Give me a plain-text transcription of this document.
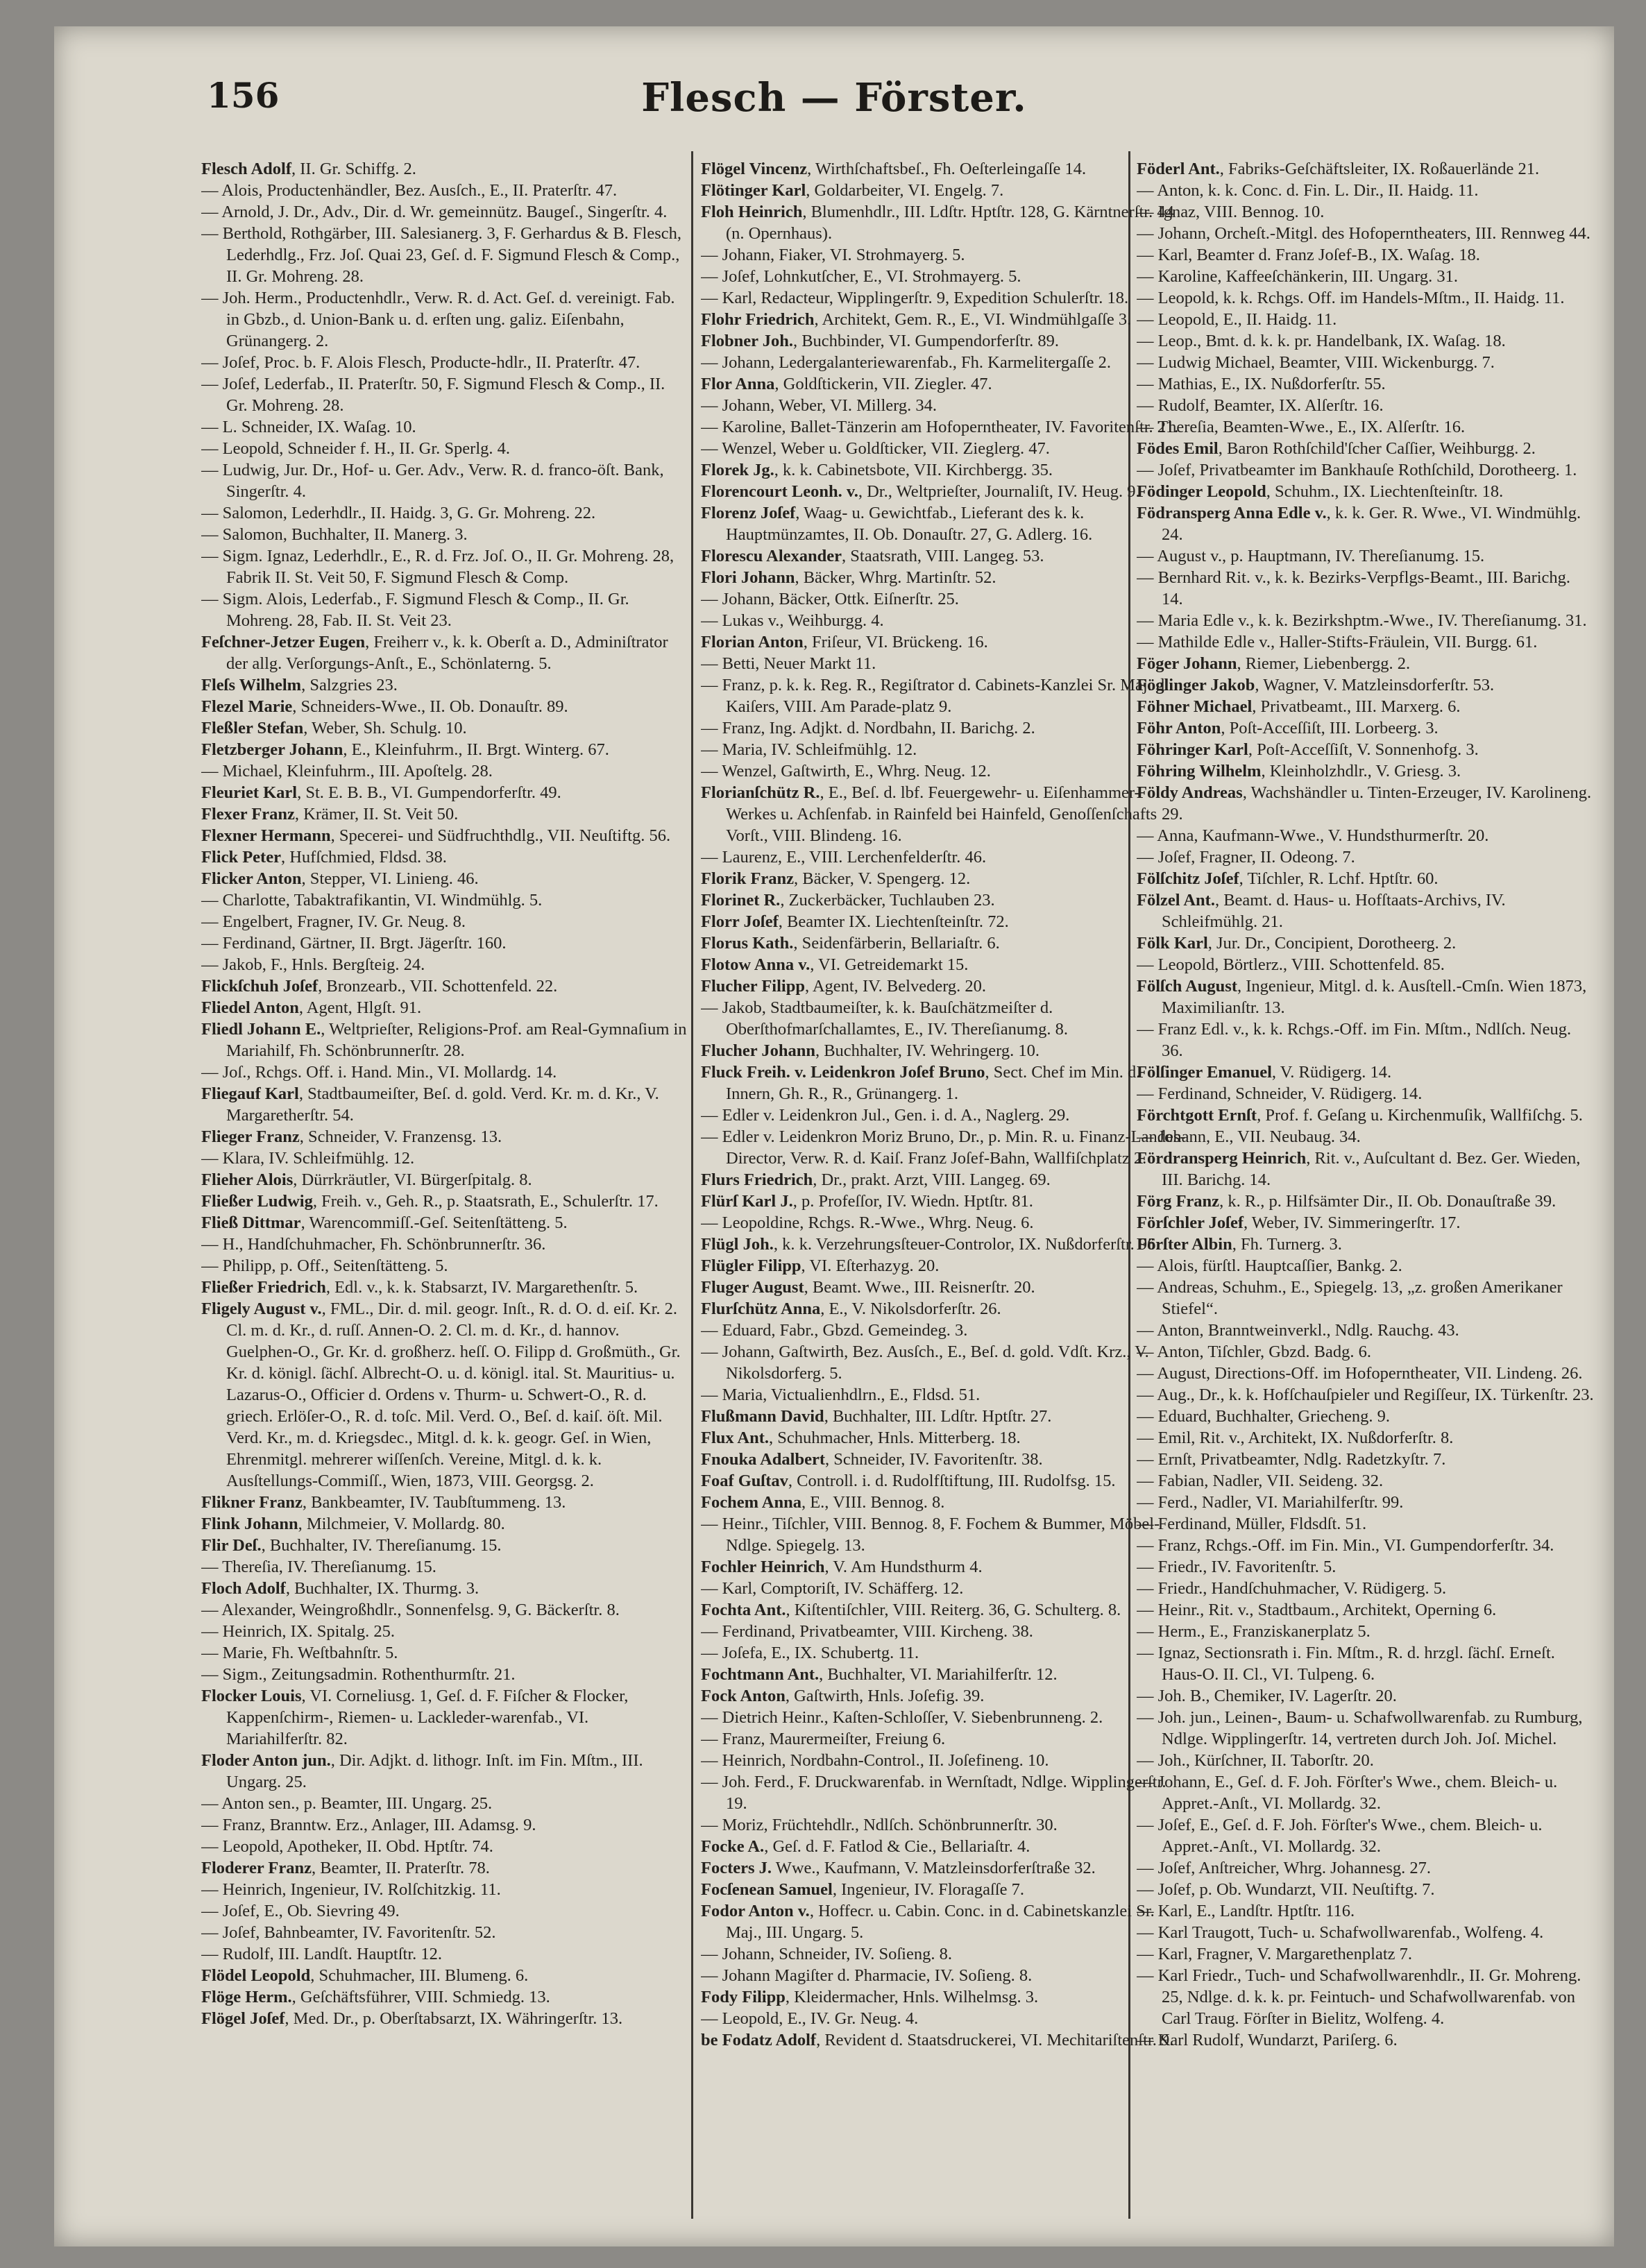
156	Flesch — Förster.

Flesch Adolf, II. Gr. Schiffg. 2.

— Alois, Productenhändler, Bez. Ausſch., E., II. Praterſtr. 47.

— Arnold, J. Dr., Adv., Dir. d. Wr. gemeinnütz. Baugeſ., Singerſtr. 4.

— Berthold, Rothgärber, III. Salesianerg. 3, F. Gerhardus & B. Flesch, Lederhdlg., Frz. Joſ. Quai 23, Geſ. d. F. Sigmund Flesch & Comp., II. Gr. Mohreng. 28.

— Joh. Herm., Productenhdlr., Verw. R. d. Act. Geſ. d. vereinigt. Fab. in Gbzb., d. Union-Bank u. d. erſten ung. galiz. Eiſenbahn, Grünangerg. 2.

— Joſef, Proc. b. F. Alois Flesch, Producte-hdlr., II. Praterſtr. 47.

— Joſef, Lederfab., II. Praterſtr. 50, F. Sigmund Flesch & Comp., II. Gr. Mohreng. 28.

— L. Schneider, IX. Waſag. 10.

— Leopold, Schneider f. H., II. Gr. Sperlg. 4.

— Ludwig, Jur. Dr., Hof- u. Ger. Adv., Verw. R. d. franco-öſt. Bank, Singerſtr. 4.

— Salomon, Lederhdlr., II. Haidg. 3, G. Gr. Mohreng. 22.

— Salomon, Buchhalter, II. Manerg. 3.

— Sigm. Ignaz, Lederhdlr., E., R. d. Frz. Joſ. O., II. Gr. Mohreng. 28, Fabrik II. St. Veit 50, F. Sigmund Flesch & Comp.

— Sigm. Alois, Lederfab., F. Sigmund Flesch & Comp., II. Gr. Mohreng. 28, Fab. II. St. Veit 23.

Feſchner-Jetzer Eugen, Freiherr v., k. k. Oberſt a. D., Adminiſtrator der allg. Verſorgungs-Anſt., E., Schönlaterng. 5.

Fleſs Wilhelm, Salzgries 23.

Flezel Marie, Schneiders-Wwe., II. Ob. Donauſtr. 89.

Fleßler Stefan, Weber, Sh. Schulg. 10.

Fletzberger Johann, E., Kleinfuhrm., II. Brgt. Winterg. 67.

— Michael, Kleinfuhrm., III. Apoſtelg. 28.

Fleuriet Karl, St. E. B. B., VI. Gumpendorferſtr. 49.

Flexer Franz, Krämer, II. St. Veit 50.

Flexner Hermann, Specerei- und Südfruchthdlg., VII. Neuſtiftg. 56.

Flick Peter, Hufſchmied, Fldsd. 38.

Flicker Anton, Stepper, VI. Linieng. 46.

— Charlotte, Tabaktrafikantin, VI. Windmühlg. 5.

— Engelbert, Fragner, IV. Gr. Neug. 8.

— Ferdinand, Gärtner, II. Brgt. Jägerſtr. 160.

— Jakob, F., Hnls. Bergſteig. 24.

Flickſchuh Joſef, Bronzearb., VII. Schottenfeld. 22.

Fliedel Anton, Agent, Hlgſt. 91.

Fliedl Johann E., Weltprieſter, Religions-Prof. am Real-Gymnaſium in Mariahilf, Fh. Schönbrunnerſtr. 28.

— Joſ., Rchgs. Off. i. Hand. Min., VI. Mollardg. 14.

Fliegauf Karl, Stadtbaumeiſter, Beſ. d. gold. Verd. Kr. m. d. Kr., V. Margaretherſtr. 54.

Flieger Franz, Schneider, V. Franzensg. 13.

— Klara, IV. Schleifmühlg. 12.

Flieher Alois, Dürrkräutler, VI. Bürgerſpitalg. 8.

Fließer Ludwig, Freih. v., Geh. R., p. Staatsrath, E., Schulerſtr. 17.

Fließ Dittmar, Warencommiſſ.-Geſ. Seitenſtätteng. 5.

— H., Handſchuhmacher, Fh. Schönbrunnerſtr. 36.

— Philipp, p. Off., Seitenſtätteng. 5.

Fließer Friedrich, Edl. v., k. k. Stabsarzt, IV. Margarethenſtr. 5.

Fligely August v., FML., Dir. d. mil. geogr. Inſt., R. d. O. d. eiſ. Kr. 2. Cl. m. d. Kr., d. ruſſ. Annen-O. 2. Cl. m. d. Kr., d. hannov. Guelphen-O., Gr. Kr. d. großherz. heſſ. O. Filipp d. Großmüth., Gr. Kr. d. königl. ſächſ. Albrecht-O. u. d. königl. ital. St. Mauritius- u. Lazarus-O., Officier d. Ordens v. Thurm- u. Schwert-O., R. d. griech. Erlöſer-O., R. d. toſc. Mil. Verd. O., Beſ. d. kaiſ. öſt. Mil. Verd. Kr., m. d. Kriegsdec., Mitgl. d. k. k. geogr. Geſ. in Wien, Ehrenmitgl. mehrerer wiſſenſch. Vereine, Mitgl. d. k. k. Ausſtellungs-Commiſſ., Wien, 1873, VIII. Georgsg. 2.

Flikner Franz, Bankbeamter, IV. Taubſtummeng. 13.

Flink Johann, Milchmeier, V. Mollardg. 80.

Flir Deſ., Buchhalter, IV. Thereſianumg. 15.

— Thereſia, IV. Thereſianumg. 15.

Floch Adolf, Buchhalter, IX. Thurmg. 3.

— Alexander, Weingroßhdlr., Sonnenfelsg. 9, G. Bäckerſtr. 8.

— Heinrich, IX. Spitalg. 25.

— Marie, Fh. Weſtbahnſtr. 5.

— Sigm., Zeitungsadmin. Rothenthurmſtr. 21.

Flocker Louis, VI. Corneliusg. 1, Geſ. d. F. Fiſcher & Flocker, Kappenſchirm-, Riemen- u. Lackleder-warenfab., VI. Mariahilferſtr. 82.

Floder Anton jun., Dir. Adjkt. d. lithogr. Inſt. im Fin. Mſtm., III. Ungarg. 25.

— Anton sen., p. Beamter, III. Ungarg. 25.

— Franz, Branntw. Erz., Anlager, III. Adamsg. 9.

— Leopold, Apotheker, II. Obd. Hptſtr. 74.

Floderer Franz, Beamter, II. Praterſtr. 78.

— Heinrich, Ingenieur, IV. Rolſchitzkig. 11.

— Joſef, E., Ob. Sievring 49.

— Joſef, Bahnbeamter, IV. Favoritenſtr. 52.

— Rudolf, III. Landſt. Hauptſtr. 12.

Flödel Leopold, Schuhmacher, III. Blumeng. 6.

Flöge Herm., Geſchäftsführer, VIII. Schmiedg. 13.

Flögel Joſef, Med. Dr., p. Oberſtabsarzt, IX. Währingerſtr. 13.

Flögel Vincenz, Wirthſchaftsbeſ., Fh. Oeſterleingaſſe 14.

Flötinger Karl, Goldarbeiter, VI. Engelg. 7.

Floh Heinrich, Blumenhdlr., III. Ldſtr. Hptſtr. 128, G. Kärntnerſtr. 44 (n. Opernhaus).

— Johann, Fiaker, VI. Strohmayerg. 5.

— Joſef, Lohnkutſcher, E., VI. Strohmayerg. 5.

— Karl, Redacteur, Wipplingerſtr. 9, Expedition Schulerſtr. 18.

Flohr Friedrich, Architekt, Gem. R., E., VI. Windmühlgaſſe 3.

Flobner Joh., Buchbinder, VI. Gumpendorferſtr. 89.

— Johann, Ledergalanteriewarenfab., Fh. Karmelitergaſſe 2.

Flor Anna, Goldſtickerin, VII. Ziegler. 47.

— Johann, Weber, VI. Millerg. 34.

— Karoline, Ballet-Tänzerin am Hofoperntheater, IV. Favoritenſtr. 21.

— Wenzel, Weber u. Goldſticker, VII. Zieglerg. 47.

Florek Jg., k. k. Cabinetsbote, VII. Kirchbergg. 35.

Florencourt Leonh. v., Dr., Weltprieſter, Journaliſt, IV. Heug. 9.

Florenz Joſef, Waag- u. Gewichtfab., Lieferant des k. k. Hauptmünzamtes, II. Ob. Donauſtr. 27, G. Adlerg. 16.

Florescu Alexander, Staatsrath, VIII. Langeg. 53.

Flori Johann, Bäcker, Whrg. Martinſtr. 52.

— Johann, Bäcker, Ottk. Eiſnerſtr. 25.

— Lukas v., Weihburgg. 4.

Florian Anton, Friſeur, VI. Brückeng. 16.

— Betti, Neuer Markt 11.

— Franz, p. k. k. Reg. R., Regiſtrator d. Cabinets-Kanzlei Sr. Maj. d. Kaiſers, VIII. Am Parade-platz 9.

— Franz, Ing. Adjkt. d. Nordbahn, II. Barichg. 2.

— Maria, IV. Schleifmühlg. 12.

— Wenzel, Gaſtwirth, E., Whrg. Neug. 12.

Florianſchütz R., E., Beſ. d. lbf. Feuergewehr- u. Eiſenhammer-Werkes u. Achſenfab. in Rainfeld bei Hainfeld, Genoſſenſchafts Vorſt., VIII. Blindeng. 16.

— Laurenz, E., VIII. Lerchenfelderſtr. 46.

Florik Franz, Bäcker, V. Spengerg. 12.

Florinet R., Zuckerbäcker, Tuchlauben 23.

Florr Joſef, Beamter IX. Liechtenſteinſtr. 72.

Florus Kath., Seidenfärberin, Bellariaſtr. 6.

Flotow Anna v., VI. Getreidemarkt 15.

Flucher Filipp, Agent, IV. Belvederg. 20.

— Jakob, Stadtbaumeiſter, k. k. Bauſchätzmeiſter d. Oberſthofmarſchallamtes, E., IV. Thereſianumg. 8.

Flucher Johann, Buchhalter, IV. Wehringerg. 10.

Fluck Freih. v. Leidenkron Joſef Bruno, Sect. Chef im Min. d. Innern, Gh. R., R., Grünangerg. 1.

— Edler v. Leidenkron Jul., Gen. i. d. A., Naglerg. 29.

— Edler v. Leidenkron Moriz Bruno, Dr., p. Min. R. u. Finanz-Landes-Director, Verw. R. d. Kaiſ. Franz Joſef-Bahn, Wallfiſchplatz 2.

Flurs Friedrich, Dr., prakt. Arzt, VIII. Langeg. 69.

Flürſ Karl J., p. Profeſſor, IV. Wiedn. Hptſtr. 81.

— Leopoldine, Rchgs. R.-Wwe., Whrg. Neug. 6.

Flügl Joh., k. k. Verzehrungsſteuer-Controlor, IX. Nußdorferſtr. 96.

Flügler Filipp, VI. Eſterhazyg. 20.

Fluger August, Beamt. Wwe., III. Reisnerſtr. 20.

Flurſchütz Anna, E., V. Nikolsdorferſtr. 26.

— Eduard, Fabr., Gbzd. Gemeindeg. 3.

— Johann, Gaſtwirth, Bez. Ausſch., E., Beſ. d. gold. Vdſt. Krz., V. Nikolsdorferg. 5.

— Maria, Victualienhdlrn., E., Fldsd. 51.

Flußmann David, Buchhalter, III. Ldſtr. Hptſtr. 27.

Flux Ant., Schuhmacher, Hnls. Mitterberg. 18.

Fnouka Adalbert, Schneider, IV. Favoritenſtr. 38.

Foaf Guſtav, Controll. i. d. Rudolfſtiftung, III. Rudolfsg. 15.

Fochem Anna, E., VIII. Bennog. 8.

— Heinr., Tiſchler, VIII. Bennog. 8, F. Fochem & Bummer, Möbel-Ndlge. Spiegelg. 13.

Fochler Heinrich, V. Am Hundsthurm 4.

— Karl, Comptoriſt, IV. Schäfferg. 12.

Fochta Ant., Kiſtentiſchler, VIII. Reiterg. 36, G. Schulterg. 8.

— Ferdinand, Privatbeamter, VIII. Kircheng. 38.

— Joſefa, E., IX. Schubertg. 11.

Fochtmann Ant., Buchhalter, VI. Mariahilferſtr. 12.

Fock Anton, Gaſtwirth, Hnls. Joſefig. 39.

— Dietrich Heinr., Kaſten-Schloſſer, V. Siebenbrunneng. 2.

— Franz, Maurermeiſter, Freiung 6.

— Heinrich, Nordbahn-Control., II. Joſefineng. 10.

— Joh. Ferd., F. Druckwarenfab. in Wernſtadt, Ndlge. Wipplingerſtr. 19.

— Moriz, Früchtehdlr., Ndlſch. Schönbrunnerſtr. 30.

Focke A., Geſ. d. F. Fatlod & Cie., Bellariaſtr. 4.

Focters J. Wwe., Kaufmann, V. Matzleinsdorferſtraße 32.

Focſenean Samuel, Ingenieur, IV. Floragaſſe 7.

Fodor Anton v., Hoffecr. u. Cabin. Conc. in d. Cabinetskanzlei Sr. Maj., III. Ungarg. 5.

— Johann, Schneider, IV. Soſieng. 8.

— Johann Magiſter d. Pharmacie, IV. Soſieng. 8.

Fody Filipp, Kleidermacher, Hnls. Wilhelmsg. 3.

— Leopold, E., IV. Gr. Neug. 4.

be Fodatz Adolf, Revident d. Staatsdruckerei, VI. Mechitariſtenſtr. 9.

Föderl Ant., Fabriks-Geſchäftsleiter, IX. Roßauerlände 21.

— Anton, k. k. Conc. d. Fin. L. Dir., II. Haidg. 11.

— Ignaz, VIII. Bennog. 10.

— Johann, Orcheſt.-Mitgl. des Hofoperntheaters, III. Rennweg 44.

— Karl, Beamter d. Franz Joſef-B., IX. Waſag. 18.

— Karoline, Kaffeeſchänkerin, III. Ungarg. 31.

— Leopold, k. k. Rchgs. Off. im Handels-Mſtm., II. Haidg. 11.

— Leopold, E., II. Haidg. 11.

— Leop., Bmt. d. k. k. pr. Handelbank, IX. Waſag. 18.

— Ludwig Michael, Beamter, VIII. Wickenburgg. 7.

— Mathias, E., IX. Nußdorferſtr. 55.

— Rudolf, Beamter, IX. Alſerſtr. 16.

— Thereſia, Beamten-Wwe., E., IX. Alſerſtr. 16.

Födes Emil, Baron Rothſchild'ſcher Caſſier, Weihburgg. 2.

— Joſef, Privatbeamter im Bankhauſe Rothſchild, Dorotheerg. 1.

Födinger Leopold, Schuhm., IX. Liechtenſteinſtr. 18.

Födransperg Anna Edle v., k. k. Ger. R. Wwe., VI. Windmühlg. 24.

— August v., p. Hauptmann, IV. Thereſianumg. 15.

— Bernhard Rit. v., k. k. Bezirks-Verpflgs-Beamt., III. Barichg. 14.

— Maria Edle v., k. k. Bezirkshptm.-Wwe., IV. Thereſianumg. 31.

— Mathilde Edle v., Haller-Stifts-Fräulein, VII. Burgg. 61.

Föger Johann, Riemer, Liebenbergg. 2.

Föglinger Jakob, Wagner, V. Matzleinsdorferſtr. 53.

Föhner Michael, Privatbeamt., III. Marxerg. 6.

Föhr Anton, Poſt-Acceſſiſt, III. Lorbeerg. 3.

Föhringer Karl, Poſt-Acceſſiſt, V. Sonnenhofg. 3.

Föhring Wilhelm, Kleinholzhdlr., V. Griesg. 3.

Földy Andreas, Wachshändler u. Tinten-Erzeuger, IV. Karolineng. 29.

— Anna, Kaufmann-Wwe., V. Hundsthurmerſtr. 20.

— Joſef, Fragner, II. Odeong. 7.

Fölſchitz Joſef, Tiſchler, R. Lchf. Hptſtr. 60.

Fölzel Ant., Beamt. d. Haus- u. Hofſtaats-Archivs, IV. Schleifmühlg. 21.

Fölk Karl, Jur. Dr., Concipient, Dorotheerg. 2.

— Leopold, Börtlerz., VIII. Schottenfeld. 85.

Fölſch August, Ingenieur, Mitgl. d. k. Ausſtell.-Cmſn. Wien 1873, Maximilianſtr. 13.

— Franz Edl. v., k. k. Rchgs.-Off. im Fin. Mſtm., Ndlſch. Neug. 36.

Fölſinger Emanuel, V. Rüdigerg. 14.

— Ferdinand, Schneider, V. Rüdigerg. 14.

Förchtgott Ernſt, Prof. f. Geſang u. Kirchenmuſik, Wallfiſchg. 5.

— Johann, E., VII. Neubaug. 34.

Fördransperg Heinrich, Rit. v., Auſcultant d. Bez. Ger. Wieden, III. Barichg. 14.

Förg Franz, k. R., p. Hilfsämter Dir., II. Ob. Donauſtraße 39.

Förſchler Joſef, Weber, IV. Simmeringerſtr. 17.

Förſter Albin, Fh. Turnerg. 3.

— Alois, fürſtl. Hauptcaſſier, Bankg. 2.

— Andreas, Schuhm., E., Spiegelg. 13, „z. großen Amerikaner Stiefel“.

— Anton, Branntweinverkl., Ndlg. Rauchg. 43.

— Anton, Tiſchler, Gbzd. Badg. 6.

— August, Directions-Off. im Hofoperntheater, VII. Lindeng. 26.

— Aug., Dr., k. k. Hofſchauſpieler und Regiſſeur, IX. Türkenſtr. 23.

— Eduard, Buchhalter, Griecheng. 9.

— Emil, Rit. v., Architekt, IX. Nußdorferſtr. 8.

— Ernſt, Privatbeamter, Ndlg. Radetzkyſtr. 7.

— Fabian, Nadler, VII. Seideng. 32.

— Ferd., Nadler, VI. Mariahilferſtr. 99.

— Ferdinand, Müller, Fldsdſt. 51.

— Franz, Rchgs.-Off. im Fin. Min., VI. Gumpendorferſtr. 34.

— Friedr., IV. Favoritenſtr. 5.

— Friedr., Handſchuhmacher, V. Rüdigerg. 5.

— Heinr., Rit. v., Stadtbaum., Architekt, Operning 6.

— Herm., E., Franziskanerplatz 5.

— Ignaz, Sectionsrath i. Fin. Mſtm., R. d. hrzgl. ſächſ. Erneſt. Haus-O. II. Cl., VI. Tulpeng. 6.

— Joh. B., Chemiker, IV. Lagerſtr. 20.

— Joh. jun., Leinen-, Baum- u. Schafwollwarenfab. zu Rumburg, Ndlge. Wipplingerſtr. 14, vertreten durch Joh. Joſ. Michel.

— Joh., Kürſchner, II. Taborſtr. 20.

— Johann, E., Geſ. d. F. Joh. Förſter's Wwe., chem. Bleich- u. Appret.-Anſt., VI. Mollardg. 32.

— Joſef, E., Geſ. d. F. Joh. Förſter's Wwe., chem. Bleich- u. Appret.-Anſt., VI. Mollardg. 32.

— Joſef, Anſtreicher, Whrg. Johannesg. 27.

— Joſef, p. Ob. Wundarzt, VII. Neuſtiftg. 7.

— Karl, E., Landſtr. Hptſtr. 116.

— Karl Traugott, Tuch- u. Schafwollwarenfab., Wolfeng. 4.

— Karl, Fragner, V. Margarethenplatz 7.

— Karl Friedr., Tuch- und Schafwollwarenhdlr., II. Gr. Mohreng. 25, Ndlge. d. k. k. pr. Feintuch- und Schafwollwarenfab. von Carl Traug. Förſter in Bielitz, Wolfeng. 4.

— Karl Rudolf, Wundarzt, Pariſerg. 6.
